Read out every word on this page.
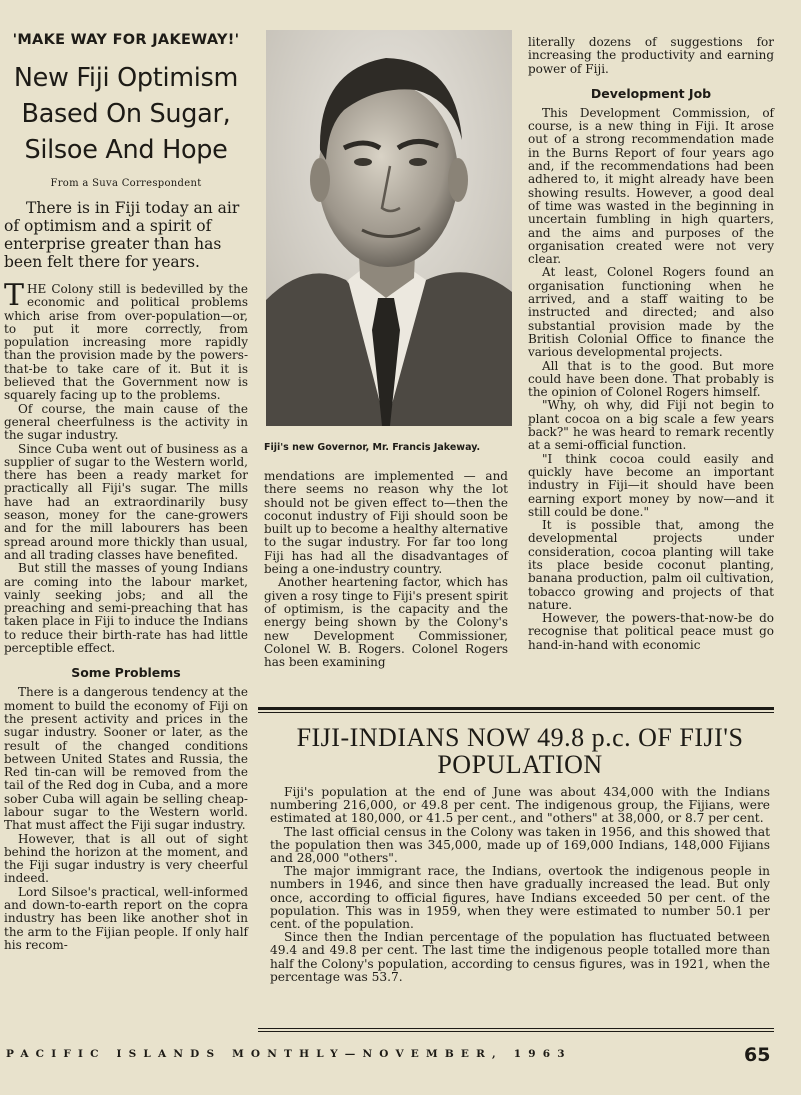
'MAKE WAY FOR JAKEWAY!'
New Fiji Optimism Based On Sugar, Silsoe And Hope
From a Suva Correspondent

There is in Fiji today an air of optimism and a spirit of enterprise greater than has been felt there for years.

THE Colony still is bedevilled by the economic and political problems which arise from over-population—or, to put it more correctly, from population increasing more rapidly than the provision made by the powers-that-be to take care of it. But it is believed that the Government now is squarely facing up to the problems.

Of course, the main cause of the general cheerfulness is the activity in the sugar industry.

Since Cuba went out of business as a supplier of sugar to the Western world, there has been a ready market for practically all Fiji's sugar. The mills have had an extraordinarily busy season, money for the cane-growers and for the mill labourers has been spread around more thickly than usual, and all trading classes have benefited.

But still the masses of young Indians are coming into the labour market, vainly seeking jobs; and all the preaching and semi-preaching that has taken place in Fiji to induce the Indians to reduce their birth-rate has had little perceptible effect.

Some Problems

There is a dangerous tendency at the moment to build the economy of Fiji on the present activity and prices in the sugar industry. Sooner or later, as the result of the changed conditions between United States and Russia, the Red tin-can will be removed from the tail of the Red dog in Cuba, and a more sober Cuba will again be selling cheap-labour sugar to the Western world. That must affect the Fiji sugar industry.

However, that is all out of sight behind the horizon at the moment, and the Fiji sugar industry is very cheerful indeed.

Lord Silsoe's practical, well-informed and down-to-earth report on the copra industry has been like another shot in the arm to the Fijian people. If only half his recom-

Fiji's new Governor, Mr. Francis Jakeway.

mendations are implemented — and there seems no reason why the lot should not be given effect to—then the coconut industry of Fiji should soon be built up to become a healthy alternative to the sugar industry. For far too long Fiji has had all the disadvantages of being a one-industry country.

Another heartening factor, which has given a rosy tinge to Fiji's present spirit of optimism, is the capacity and the energy being shown by the Colony's new Development Commissioner, Colonel W. B. Rogers. Colonel Rogers has been examining

literally dozens of suggestions for increasing the productivity and earning power of Fiji.

Development Job

This Development Commission, of course, is a new thing in Fiji. It arose out of a strong recommendation made in the Burns Report of four years ago and, if the recommendations had been adhered to, it might already have been showing results. However, a good deal of time was wasted in the beginning in uncertain fumbling in high quarters, and the aims and purposes of the organisation created were not very clear.

At least, Colonel Rogers found an organisation functioning when he arrived, and a staff waiting to be instructed and directed; and also substantial provision made by the British Colonial Office to finance the various developmental projects.

All that is to the good. But more could have been done. That probably is the opinion of Colonel Rogers himself.

"Why, oh why, did Fiji not begin to plant cocoa on a big scale a few years back?" he was heard to remark recently at a semi-official function.

"I think cocoa could easily and quickly have become an important industry in Fiji—it should have been earning export money by now—and it still could be done."

It is possible that, among the developmental projects under consideration, cocoa planting will take its place beside coconut planting, banana production, palm oil cultivation, tobacco growing and projects of that nature.

However, the powers-that-now-be do recognise that political peace must go hand-in-hand with economic

FIJI-INDIANS NOW 49.8 p.c. OF FIJI'S POPULATION

Fiji's population at the end of June was about 434,000 with the Indians numbering 216,000, or 49.8 per cent. The indigenous group, the Fijians, were estimated at 180,000, or 41.5 per cent., and "others" at 38,000, or 8.7 per cent.

The last official census in the Colony was taken in 1956, and this showed that the population then was 345,000, made up of 169,000 Indians, 148,000 Fijians and 28,000 "others".

The major immigrant race, the Indians, overtook the indigenous people in numbers in 1946, and since then have gradually increased the lead. But only once, according to official figures, have Indians exceeded 50 per cent. of the population. This was in 1959, when they were estimated to number 50.1 per cent. of the population.

Since then the Indian percentage of the population has fluctuated between 49.4 and 49.8 per cent. The last time the indigenous people totalled more than half the Colony's population, according to census figures, was in 1921, when the percentage was 53.7.

PACIFIC ISLANDS MONTHLY—NOVEMBER, 1963	65
